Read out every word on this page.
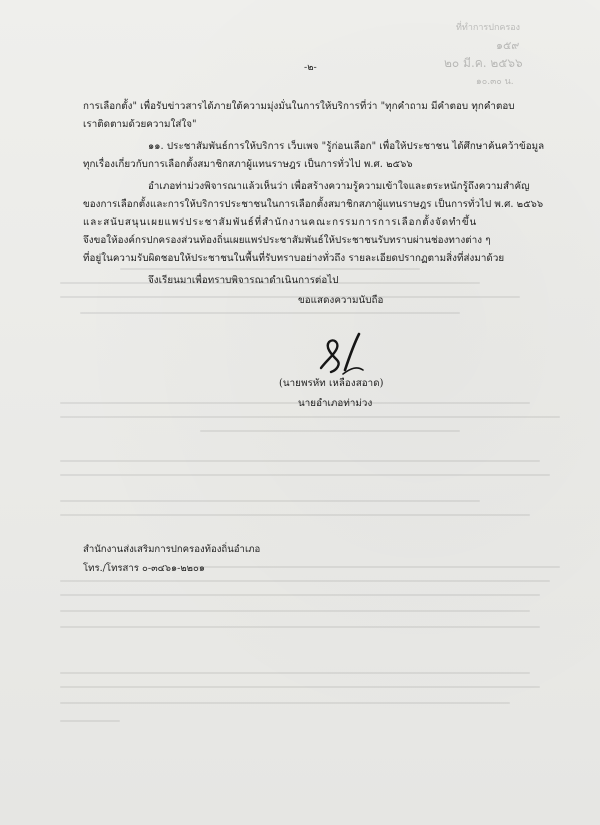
ที่ทำการปกครอง
๑๕๙
๒๐ มี.ค. ๒๕๖๖
๑๐.๓๐ น.
-๒-
การเลือกตั้ง" เพื่อรับข่าวสารได้ภายใต้ความมุ่งมั่นในการให้บริการที่ว่า "ทุกคำถาม มีคำตอบ ทุกคำตอบ
เราติดตามด้วยความใส่ใจ"
๑๑. ประชาสัมพันธ์การให้บริการ เว็บเพจ "รู้ก่อนเลือก" เพื่อให้ประชาชน ได้ศึกษาค้นคว้าข้อมูล
ทุกเรื่องเกี่ยวกับการเลือกตั้งสมาชิกสภาผู้แทนราษฎร เป็นการทั่วไป พ.ศ. ๒๕๖๖
อำเภอท่าม่วงพิจารณาแล้วเห็นว่า เพื่อสร้างความรู้ความเข้าใจและตระหนักรู้ถึงความสำคัญ
ของการเลือกตั้งและการให้บริการประชาชนในการเลือกตั้งสมาชิกสภาผู้แทนราษฎร เป็นการทั่วไป พ.ศ. ๒๕๖๖
และสนับสนุนเผยแพร่ประชาสัมพันธ์ที่สำนักงานคณะกรรมการการเลือกตั้งจัดทำขึ้น
จึงขอให้องค์กรปกครองส่วนท้องถิ่นเผยแพร่ประชาสัมพันธ์ให้ประชาชนรับทราบผ่านช่องทางต่าง ๆ
ที่อยู่ในความรับผิดชอบให้ประชาชนในพื้นที่รับทราบอย่างทั่วถึง รายละเอียดปรากฏตามสิ่งที่ส่งมาด้วย
จึงเรียนมาเพื่อทราบพิจารณาดำเนินการต่อไป
ขอแสดงความนับถือ
(นายพรหัท เหลืองสอาด)
นายอำเภอท่าม่วง
สำนักงานส่งเสริมการปกครองท้องถิ่นอำเภอ
โทร./โทรสาร ๐-๓๔๖๑-๒๒๐๑
